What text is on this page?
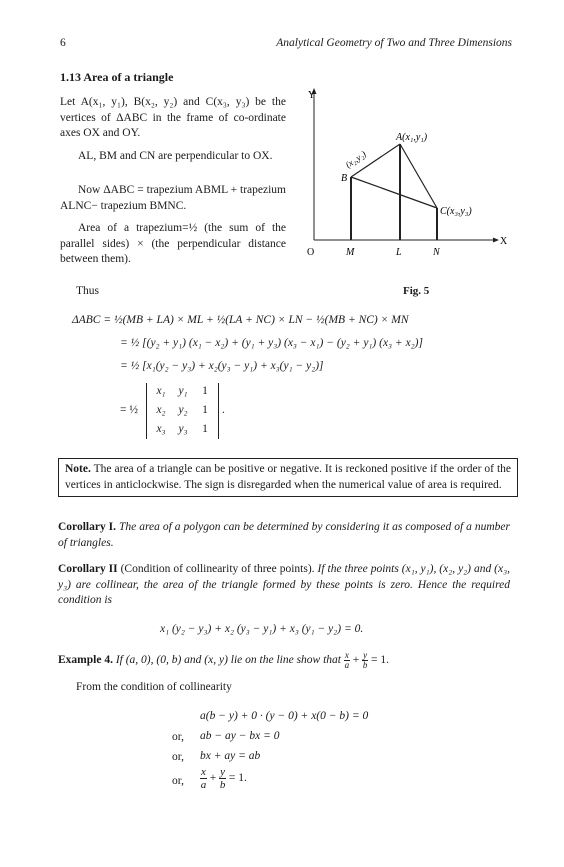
6	Analytical Geometry of Two and Three Dimensions
1.13 Area of a triangle
Let A(x₁, y₁), B(x₂, y₂) and C(x₃, y₃) be the vertices of ΔABC in the frame of co-ordinate axes OX and OY.
AL, BM and CN are perpendicular to OX.
Now ΔABC = trapezium ABML + trapezium ALNC− trapezium BMNC.
Area of a trapezium=½ (the sum of the parallel sides) × (the perpendicular distance between them).
Y
X
O	M	L	N
A(x₁,y₁)
B
(x₂,y₂)
C(x₃,y₃)
Thus	Fig. 5
ΔABC = ½(MB + LA) × ML + ½(LA + NC) × LN − ½(MB + NC) × MN
= ½ [(y₂ + y₁) (x₁ − x₂) + (y₁ + y₃) (x₃ − x₁) − (y₂ + y₁) (x₃ + x₂)]
= ½ [x₁(y₂ − y₃) + x₂(y₃ − y₁) + x₃(y₁ − y₂)]
= ½
x₁	y₁	1
x₂	y₂	1
x₃	y₃	1
.
Note. The area of a triangle can be positive or negative. It is reckoned positive if the order of the vertices in anticlockwise. The sign is disregarded when the numerical value of area is required.
Corollary I. The area of a polygon can be determined by considering it as composed of a number of triangles.
Corollary II (Condition of collinearity of three points). If the three points (x₁, y₁), (x₂, y₂) and (x₃, y₃) are collinear, the area of the triangle formed by these points is zero. Hence the required condition is
x₁ (y₂ − y₃) + x₂ (y₃ − y₁) + x₃ (y₁ − y₂) = 0.
Example 4. If (a, 0), (0, b) and (x, y) lie on the line show that $\frac{x}{a} + \frac{y}{b} = 1$.
From the condition of collinearity
a(b − y) + 0 · (y − 0) + x(0 − b) = 0
or, ab − ay − bx = 0
or, bx + ay = ab
or, $\frac{x}{a} + \frac{y}{b} = 1$.
